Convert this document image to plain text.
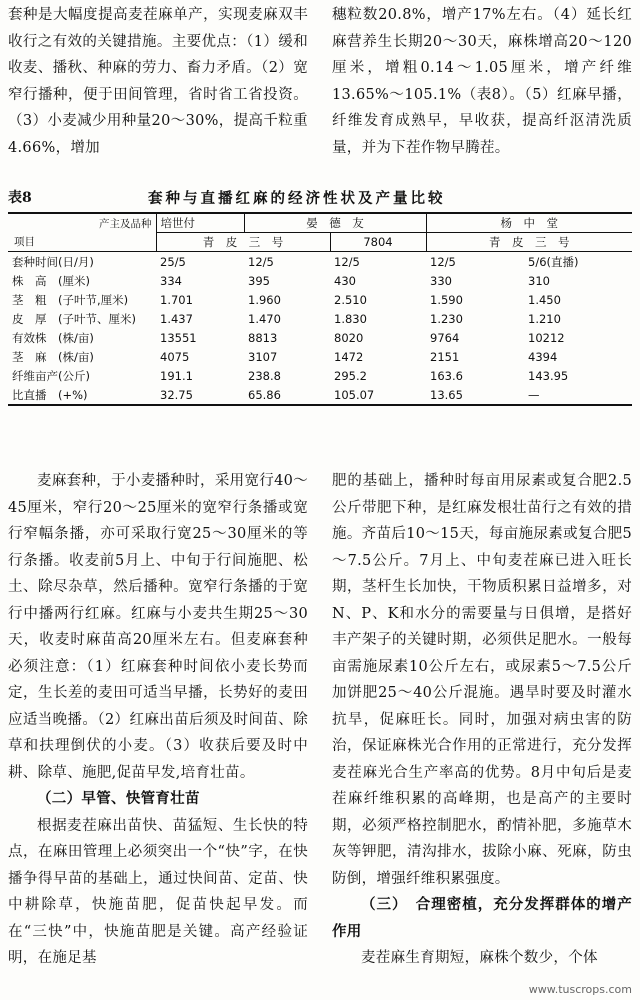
套种是大幅度提高麦茬麻单产，实现麦麻双丰收行之有效的关键措施。主要优点：（1）缓和收麦、播秋、种麻的劳力、畜力矛盾。（2）宽窄行播种，便于田间管理，省时省工省投资。（3）小麦减少用种量20～30%，提高千粒重4.66%，增加

穗粒数20.8%，增产17%左右。（4）延长红麻营养生长期20～30天，麻株增高20～120厘米，增粗0.14～1.05厘米，增产纤维13.65%～105.1%（表8）。（5）红麻早播，纤维发育成熟早，早收获，提高纤沤清洗质量，并为下茬作物早腾茬。

表8	套种与直播红麻的经济性状及产量比较
产主及品种
项目	培世付	晏　德　友		杨　中　堂	
	青　皮　三　号		7804	青　皮　三　号	
套种时间(日/月)	25/5	12/5	12/5	12/5	5/6(直播)
株　高　(厘米)	334	395	430	330	310
茎　粗　(子叶节,厘米)	1.701	1.960	2.510	1.590	1.450
皮　厚　(子叶节、厘米)	1.437	1.470	1.830	1.230	1.210
有效株　(株/亩)	13551	8813	8020	9764	10212
茎　麻　(株/亩)	4075	3107	1472	2151	4394
纤维亩产(公斤)	191.1	238.8	295.2	163.6	143.95
比直播　(+%)	32.75	65.86	105.07	13.65	—

麦麻套种，于小麦播种时，采用宽行40～45厘米，窄行20～25厘米的宽窄行条播或宽行窄幅条播，亦可采取行宽25～30厘米的等行条播。收麦前5月上、中旬于行间施肥、松土、除尽杂草，然后播种。宽窄行条播的于宽行中播两行红麻。红麻与小麦共生期25～30天，收麦时麻苗高20厘米左右。但麦麻套种必须注意：（1）红麻套种时间依小麦长势而定，生长差的麦田可适当早播，长势好的麦田应适当晚播。（2）红麻出苗后须及时间苗、除草和扶理倒伏的小麦。（3）收获后要及时中耕、除草、施肥,促苗早发,培育壮苗。

（二）早管、快管育壮苗

根据麦茬麻出苗快、苗猛短、生长快的特点，在麻田管理上必须突出一个“快”字，在快播争得早苗的基础上，通过快间苗、定苗、快中耕除草，快施苗肥，促苗快起早发。而在“三快”中，快施苗肥是关键。高产经验证明，在施足基

肥的基础上，播种时每亩用尿素或复合肥2.5公斤带肥下种，是红麻发根壮苗行之有效的措施。齐苗后10～15天，每亩施尿素或复合肥5～7.5公斤。7月上、中旬麦茬麻已进入旺长期，茎杆生长加快，干物质积累日益增多，对N、P、K和水分的需要量与日俱增，是搭好丰产架子的关键时期，必须供足肥水。一般每亩需施尿素10公斤左右，或尿素5～7.5公斤加饼肥25～40公斤混施。遇旱时要及时灌水抗旱，促麻旺长。同时，加强对病虫害的防治，保证麻株光合作用的正常进行，充分发挥麦茬麻光合生产率高的优势。8月中旬后是麦茬麻纤维积累的高峰期，也是高产的主要时期，必须严格控制肥水，酌情补肥，多施草木灰等钾肥，清沟排水，拔除小麻、死麻，防虫防倒，增强纤维积累强度。

（三）　合理密植，充分发挥群体的增产作用

麦茬麻生育期短，麻株个数少，个体

www.tuscrops.com
